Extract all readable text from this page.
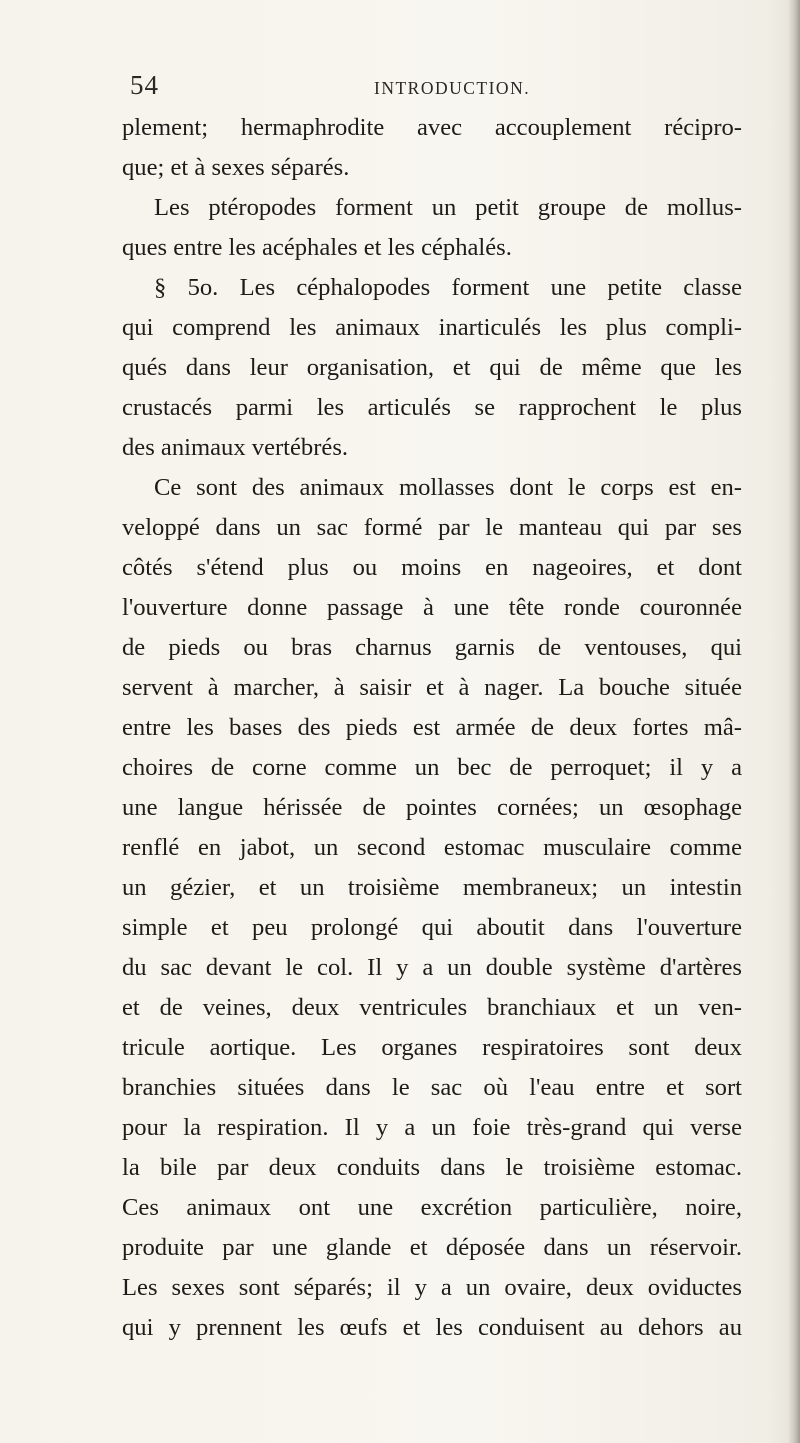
54	INTRODUCTION.
plement; hermaphrodite avec accouplement récipro-
que; et à sexes séparés.
Les ptéropodes forment un petit groupe de mollus-
ques entre les acéphales et les céphalés.
§ 5o. Les céphalopodes forment une petite classe
qui comprend les animaux inarticulés les plus compli-
qués dans leur organisation, et qui de même que les
crustacés parmi les articulés se rapprochent le plus
des animaux vertébrés.
Ce sont des animaux mollasses dont le corps est en-
veloppé dans un sac formé par le manteau qui par ses
côtés s'étend plus ou moins en nageoires, et dont
l'ouverture donne passage à une tête ronde couronnée
de pieds ou bras charnus garnis de ventouses, qui
servent à marcher, à saisir et à nager. La bouche située
entre les bases des pieds est armée de deux fortes mâ-
choires de corne comme un bec de perroquet; il y a
une langue hérissée de pointes cornées; un œsophage
renflé en jabot, un second estomac musculaire comme
un gézier, et un troisième membraneux; un intestin
simple et peu prolongé qui aboutit dans l'ouverture
du sac devant le col. Il y a un double système d'artères
et de veines, deux ventricules branchiaux et un ven-
tricule aortique. Les organes respiratoires sont deux
branchies situées dans le sac où l'eau entre et sort
pour la respiration. Il y a un foie très-grand qui verse
la bile par deux conduits dans le troisième estomac.
Ces animaux ont une excrétion particulière, noire,
produite par une glande et déposée dans un réservoir.
Les sexes sont séparés; il y a un ovaire, deux oviductes
qui y prennent les œufs et les conduisent au dehors au
